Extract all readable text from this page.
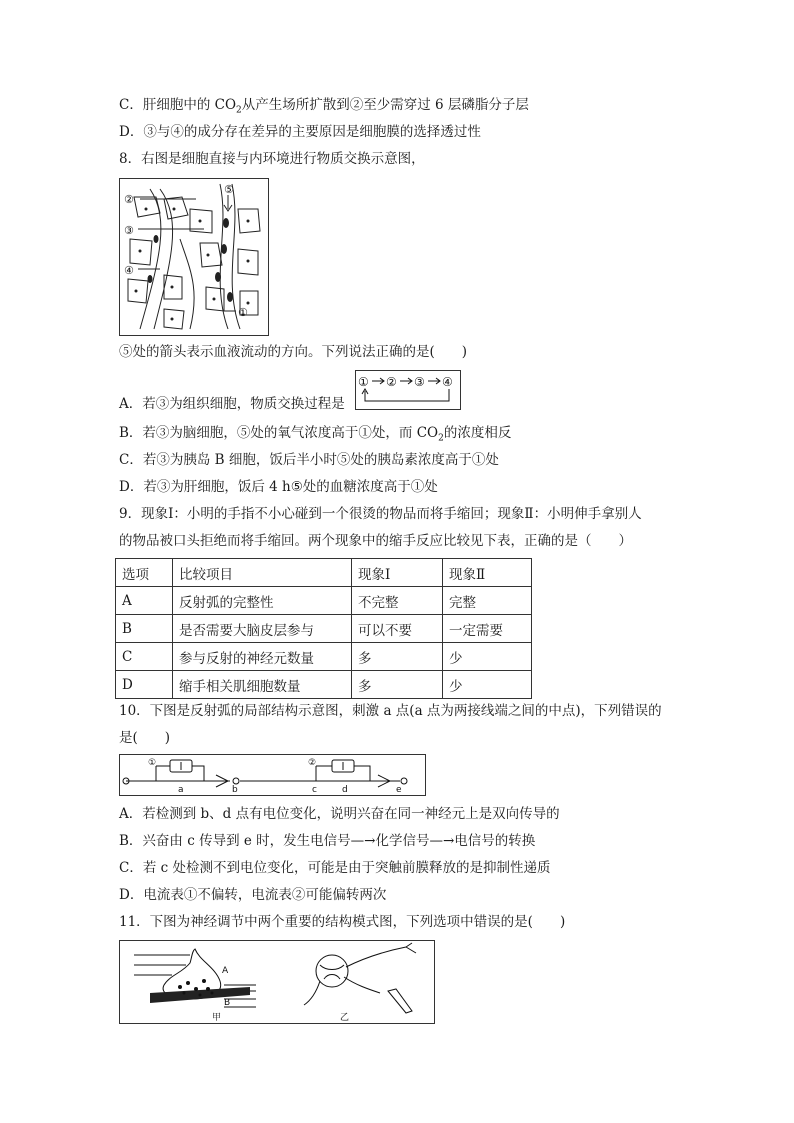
C．肝细胞中的 $CO_2$从产生场所扩散到②至少需穿过 6 层磷脂分子层
D．③与④的成分存在差异的主要原因是细胞膜的选择透过性
8．右图是细胞直接与内环境进行物质交换示意图，
②
⑤
③
④
①
⑤处的箭头表示血液流动的方向。下列说法正确的是(　　)
A．若③为组织细胞，物质交换过程是
① ② ③ ④
B．若③为脑细胞，⑤处的氧气浓度高于①处，而 $CO_2$的浓度相反
C．若③为胰岛 B 细胞，饭后半小时⑤处的胰岛素浓度高于①处
D．若③为肝细胞，饭后 4 h⑤处的血糖浓度高于①处
9．现象Ⅰ：小明的手指不小心碰到一个很烫的物品而将手缩回；现象Ⅱ：小明伸手拿别人
的物品被口头拒绝而将手缩回。两个现象中的缩手反应比较见下表，正确的是（　　）
选项	比较项目	现象Ⅰ	现象Ⅱ
A	反射弧的完整性	不完整	完整
B	是否需要大脑皮层参与	可以不要	一定需要
C	参与反射的神经元数量	多	少
D	缩手相关肌细胞数量	多	少
10．下图是反射弧的局部结构示意图，刺激 a 点(a 点为两接线端之间的中点)，下列错误的
是(　　)
①	②
a	b	c	d	e
A．若检测到 b、d 点有电位变化，说明兴奋在同一神经元上是双向传导的
B．兴奋由 c 传导到 e 时，发生电信号—→化学信号—→电信号的转换
C．若 c 处检测不到电位变化，可能是由于突触前膜释放的是抑制性递质
D．电流表①不偏转，电流表②可能偏转两次
11．下图为神经调节中两个重要的结构模式图，下列选项中错误的是(　　)
A
B
甲	乙
